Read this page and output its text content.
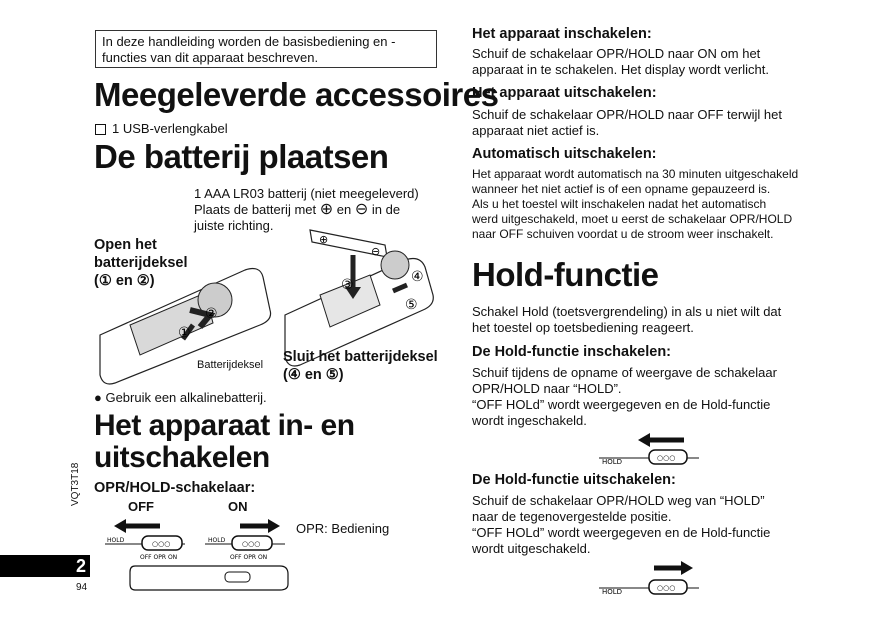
In deze handleiding worden de basisbediening en -functies van dit apparaat beschreven.
Meegeleverde accessoires
1 USB-verlengkabel
De batterij plaatsen
1 AAA LR03 batterij (niet meegeleverd)
Plaats de batterij met ⊕ en ⊖ in de
juiste richting.
Open het
batterijdeksel
(① en ②)
①
②
⊕
⊖
③	④
⑤
Batterijdeksel Sluit het batterijdeksel
(④ en ⑤)
● Gebruik een alkalinebatterij.
Het apparaat in- en
uitschakelen
OPR/HOLD-schakelaar:
OFF	ON
OPR: Bediening
HOLD	○○○
OFF OPR ON
HOLD ○○○
OFF OPR ON
VQT3T18
2
94
Het apparaat inschakelen:
Schuif de schakelaar OPR/HOLD naar ON om het
apparaat in te schakelen. Het display wordt verlicht.
Het apparaat uitschakelen:
Schuif de schakelaar OPR/HOLD naar OFF terwijl het
apparaat niet actief is.
Automatisch uitschakelen:
Het apparaat wordt automatisch na 30 minuten uitgeschakeld
wanneer het niet actief is of een opname gepauzeerd is.
Als u het toestel wilt inschakelen nadat het automatisch
werd uitgeschakeld, moet u eerst de schakelaar OPR/HOLD
naar OFF schuiven voordat u de stroom weer inschakelt.
Hold-functie
Schakel Hold (toetsvergrendeling) in als u niet wilt dat
het toestel op toetsbediening reageert.
De Hold-functie inschakelen:
Schuif tijdens de opname of weergave de schakelaar
OPR/HOLD naar “HOLD”.
“OFF HOLd” wordt weergegeven en de Hold-functie
wordt ingeschakeld.
HOLD	○○○
De Hold-functie uitschakelen:
Schuif de schakelaar OPR/HOLD weg van “HOLD”
naar de tegenovergestelde positie.
“OFF HOLd” wordt weergegeven en de Hold-functie
wordt uitgeschakeld.
HOLD	○○○
